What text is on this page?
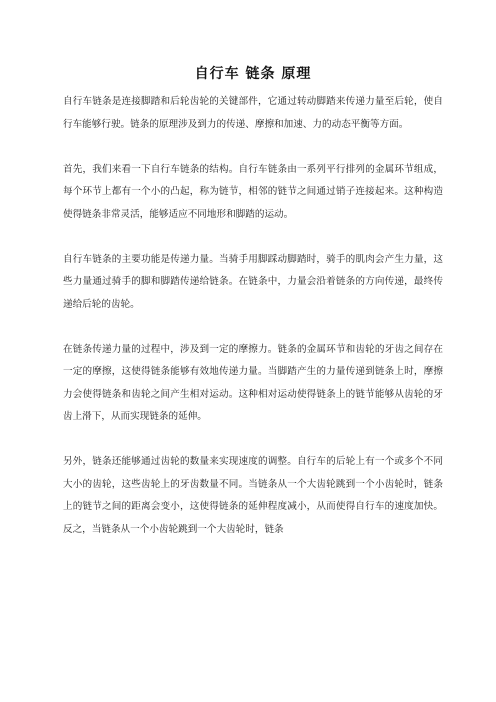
自行车 链条 原理

自行车链条是连接脚踏和后轮齿轮的关键部件，它通过转动脚踏来传递力量至后轮，使自行车能够行驶。链条的原理涉及到力的传递、摩擦和加速、力的动态平衡等方面。

首先，我们来看一下自行车链条的结构。自行车链条由一系列平行排列的金属环节组成，每个环节上都有一个小的凸起，称为链节，相邻的链节之间通过销子连接起来。这种构造使得链条非常灵活，能够适应不同地形和脚踏的运动。

自行车链条的主要功能是传递力量。当骑手用脚踩动脚踏时，骑手的肌肉会产生力量，这些力量通过骑手的脚和脚踏传递给链条。在链条中，力量会沿着链条的方向传递，最终传递给后轮的齿轮。

在链条传递力量的过程中，涉及到一定的摩擦力。链条的金属环节和齿轮的牙齿之间存在一定的摩擦，这使得链条能够有效地传递力量。当脚踏产生的力量传递到链条上时，摩擦力会使得链条和齿轮之间产生相对运动。这种相对运动使得链条上的链节能够从齿轮的牙齿上滑下，从而实现链条的延伸。

另外，链条还能够通过齿轮的数量来实现速度的调整。自行车的后轮上有一个或多个不同大小的齿轮，这些齿轮上的牙齿数量不同。当链条从一个大齿轮跳到一个小齿轮时，链条上的链节之间的距离会变小，这使得链条的延伸程度减小，从而使得自行车的速度加快。反之，当链条从一个小齿轮跳到一个大齿轮时，链条
